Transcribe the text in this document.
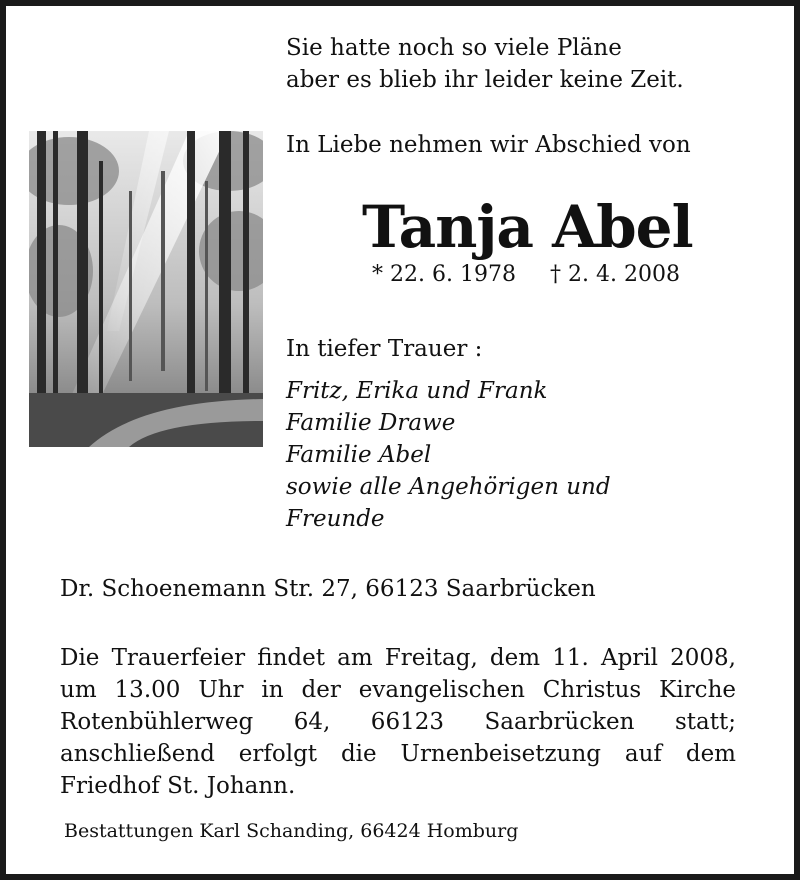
Sie hatte noch so viele Pläne
aber es blieb ihr leider keine Zeit.
In Liebe nehmen wir Abschied von
Tanja Abel
* 22. 6. 1978 † 2. 4. 2008
In tiefer Trauer :
Fritz, Erika und Frank
Familie Drawe
Familie Abel
sowie alle Angehörigen und
Freunde
Dr. Schoenemann Str. 27, 66123 Saarbrücken
Die Trauerfeier findet am Freitag, dem 11. April 2008,
um 13.00 Uhr in der evangelischen Christus Kirche
Rotenbühlerweg 64, 66123 Saarbrücken statt;
anschließend erfolgt die Urnenbeisetzung auf dem
Friedhof St. Johann.
Bestattungen Karl Schanding, 66424 Homburg
